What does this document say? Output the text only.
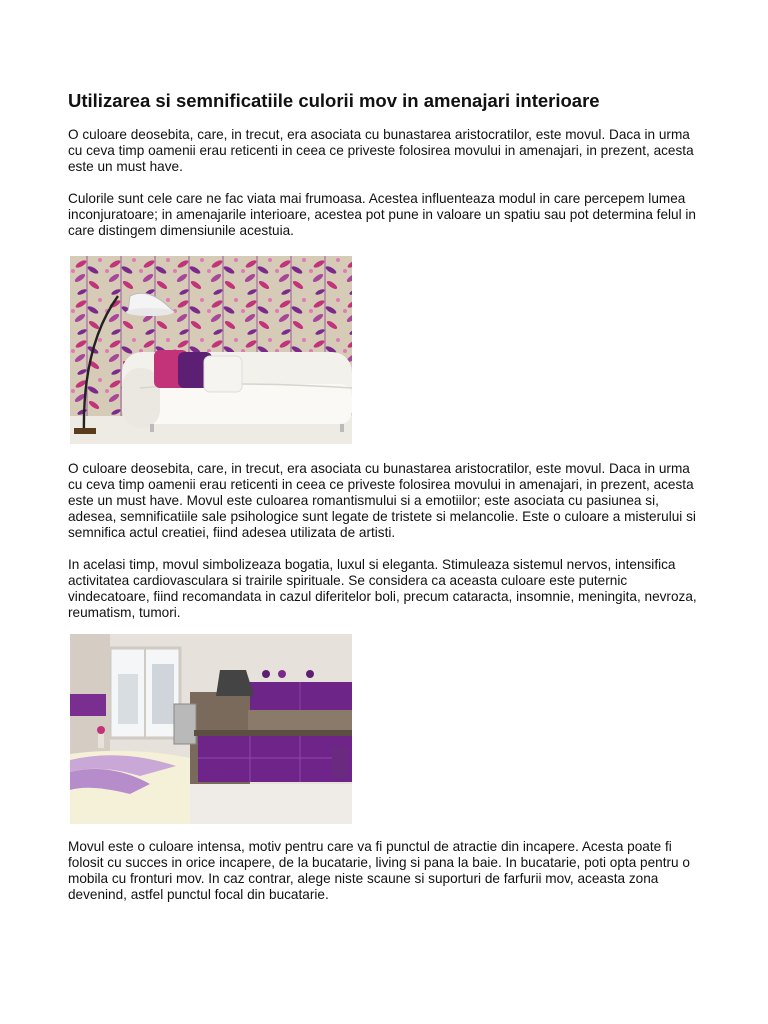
Utilizarea si semnificatiile culorii mov in amenajari interioare

O culoare deosebita, care, in trecut, era asociata cu bunastarea aristocratilor, este movul. Daca in urma
cu ceva timp oamenii erau reticenti in ceea ce priveste folosirea movului in amenajari, in prezent, acesta
este un must have.

Culorile sunt cele care ne fac viata mai frumoasa. Acestea influenteaza modul in care percepem lumea
inconjuratoare; in amenajarile interioare, acestea pot pune in valoare un spatiu sau pot determina felul in
care distingem dimensiunile acestuia.

O culoare deosebita, care, in trecut, era asociata cu bunastarea aristocratilor, este movul. Daca in urma
cu ceva timp oamenii erau reticenti in ceea ce priveste folosirea movului in amenajari, in prezent, acesta
este un must have. Movul este culoarea romantismului si a emotiilor; este asociata cu pasiunea si,
adesea, semnificatiile sale psihologice sunt legate de tristete si melancolie. Este o culoare a misterului si
semnifica actul creatiei, fiind adesea utilizata de artisti.

In acelasi timp, movul simbolizeaza bogatia, luxul si eleganta. Stimuleaza sistemul nervos, intensifica
activitatea cardiovasculara si trairile spirituale. Se considera ca aceasta culoare este puternic
vindecatoare, fiind recomandata in cazul diferitelor boli, precum cataracta, insomnie, meningita, nevroza,
reumatism, tumori.

Movul este o culoare intensa, motiv pentru care va fi punctul de atractie din incapere. Acesta poate fi
folosit cu succes in orice incapere, de la bucatarie, living si pana la baie. In bucatarie, poti opta pentru o
mobila cu fronturi mov. In caz contrar, alege niste scaune si suporturi de farfurii mov, aceasta zona
devenind, astfel punctul focal din bucatarie.
